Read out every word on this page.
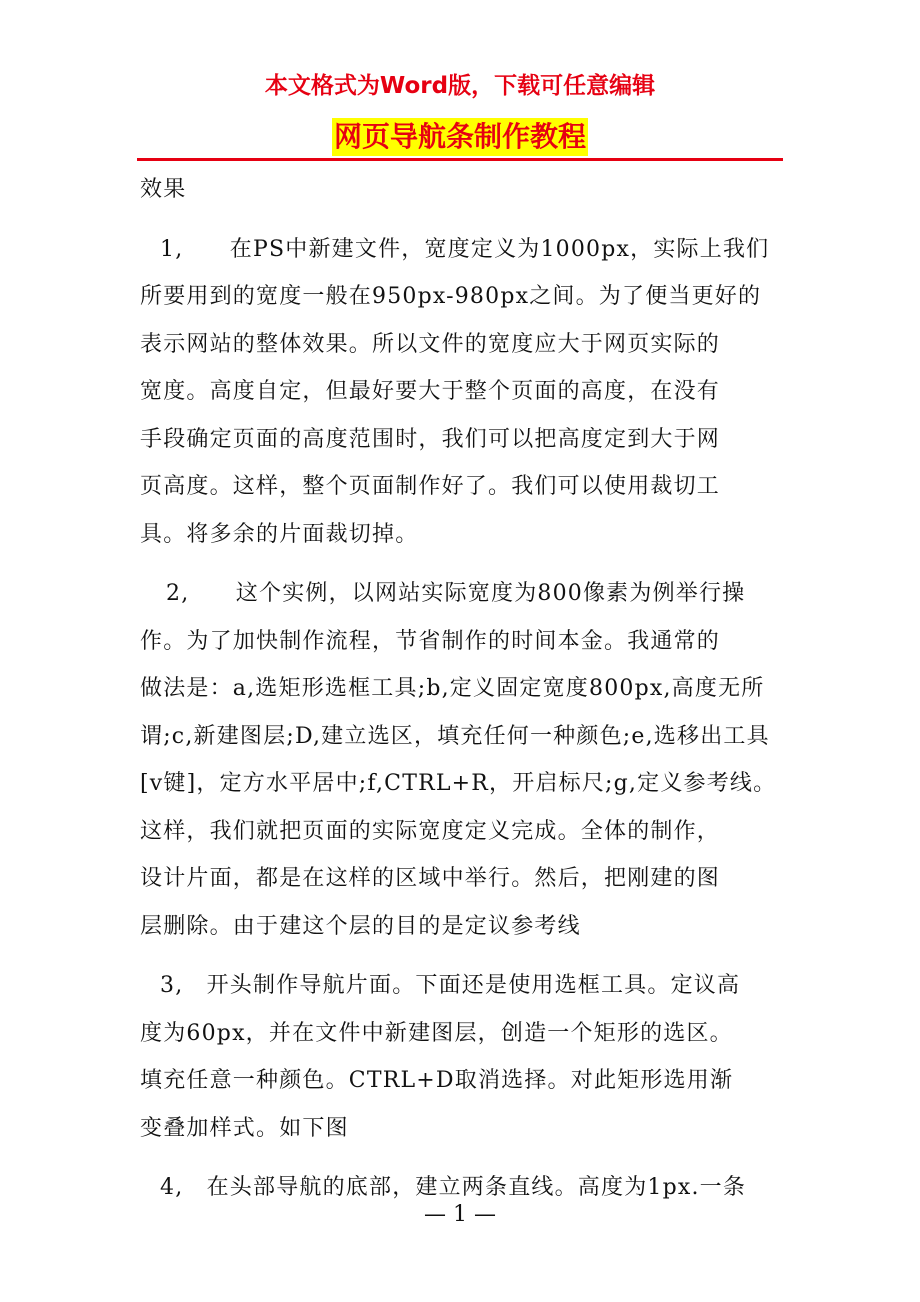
本文格式为Word版，下载可任意编辑
网页导航条制作教程
效果
1,　　在PS中新建文件，宽度定义为1000px，实际上我们
所要用到的宽度一般在950px-980px之间。为了便当更好的
表示网站的整体效果。所以文件的宽度应大于网页实际的
宽度。高度自定，但最好要大于整个页面的高度，在没有
手段确定页面的高度范围时，我们可以把高度定到大于网
页高度。这样，整个页面制作好了。我们可以使用裁切工
具。将多余的片面裁切掉。
2,　　这个实例，以网站实际宽度为800像素为例举行操
作。为了加快制作流程，节省制作的时间本金。我通常的
做法是：a,选矩形选框工具;b,定义固定宽度800px,高度无所
谓;c,新建图层;D,建立选区，填充任何一种颜色;e,选移出工具
[v键]，定方水平居中;f,CTRL+R，开启标尺;g,定义参考线。
这样，我们就把页面的实际宽度定义完成。全体的制作，
设计片面，都是在这样的区域中举行。然后，把刚建的图
层删除。由于建这个层的目的是定议参考线
3,　开头制作导航片面。下面还是使用选框工具。定议高
度为60px，并在文件中新建图层，创造一个矩形的选区。
填充任意一种颜色。CTRL+D取消选择。对此矩形选用渐
变叠加样式。如下图
4,　在头部导航的底部，建立两条直线。高度为1px.一条
— 1 —
